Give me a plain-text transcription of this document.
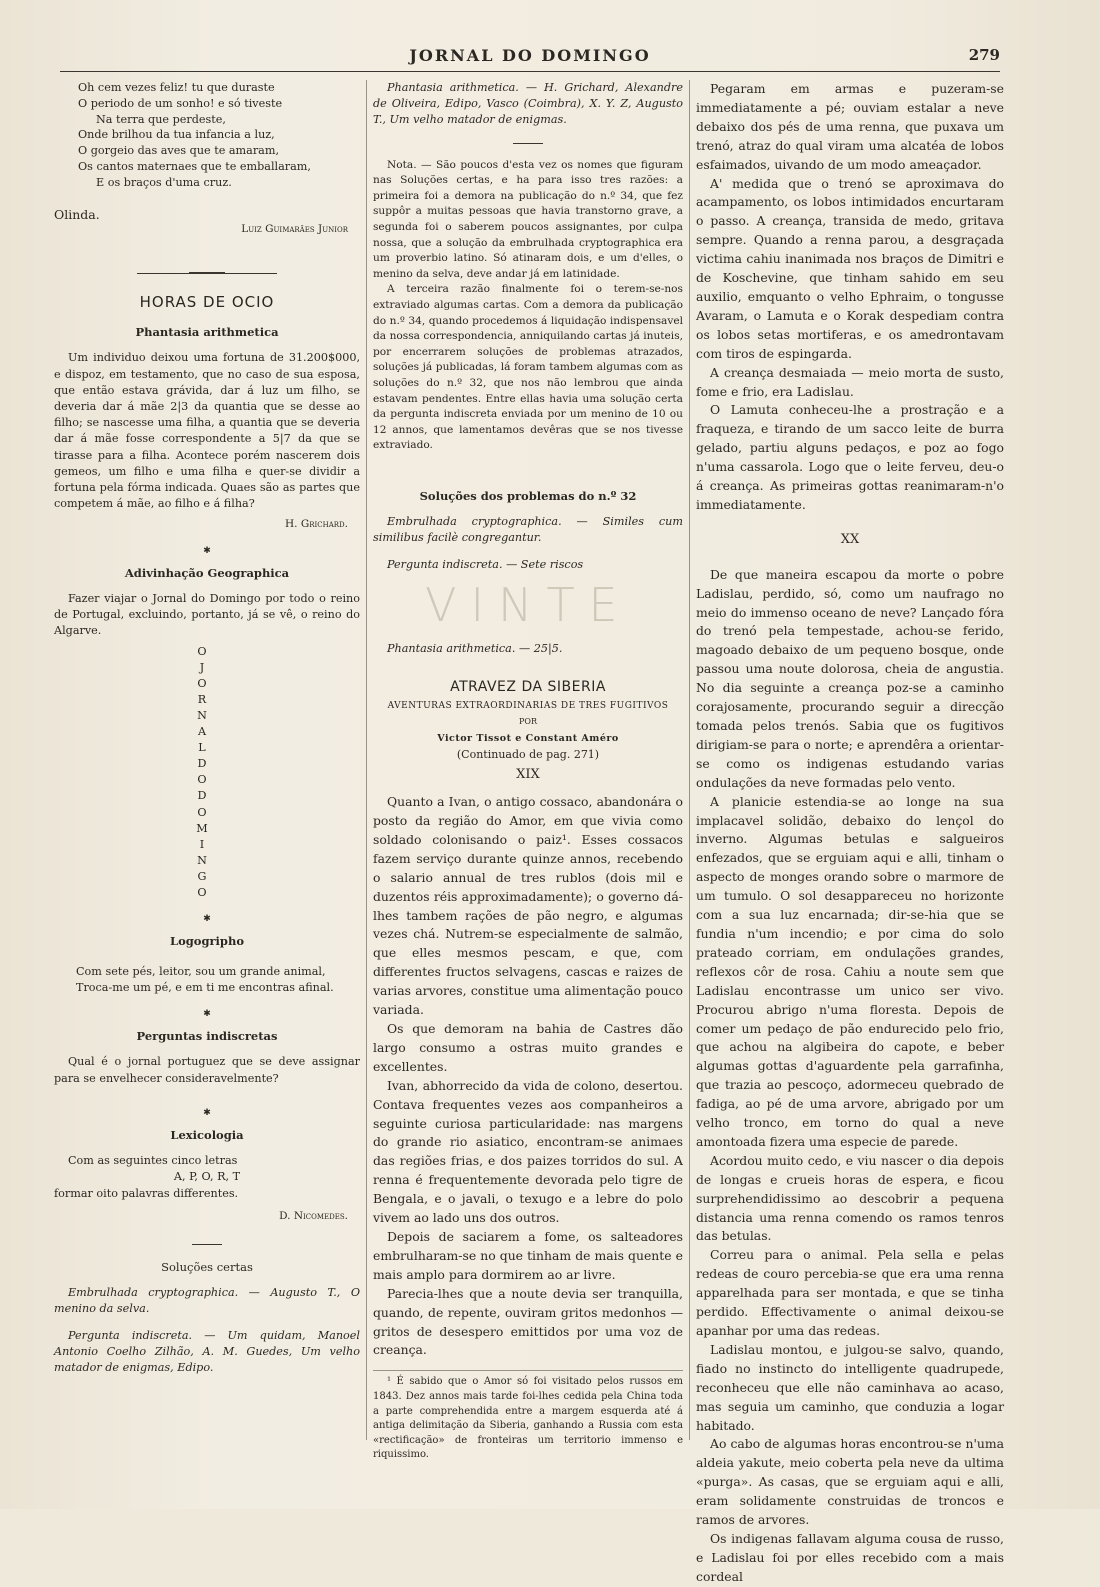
JORNAL DO DOMINGO	279
Oh cem vezes feliz! tu que duraste
O periodo de um sonho! e só tiveste
Na terra que perdeste,
Onde brilhou da tua infancia a luz,
O gorgeio das aves que te amaram,
Os cantos maternaes que te emballaram,
E os braços d'uma cruz.
Olinda.
Luiz Guimarães Junior
HORAS DE OCIO
Phantasia arithmetica
Um individuo deixou uma fortuna de 31.200$000, e dispoz, em testamento, que no caso de sua esposa, que então estava grávida, dar á luz um filho, se deveria dar á mãe 2|3 da quantia que se desse ao filho; se nascesse uma filha, a quantia que se deveria dar á mãe fosse correspondente a 5|7 da que se tirasse para a filha. Acontece porém nascerem dois gemeos, um filho e uma filha e quer-se dividir a fortuna pela fórma indicada. Quaes são as partes que competem á mãe, ao filho e á filha?
H. Grichard.
✱
Adivinhação Geographica
Fazer viajar o Jornal do Domingo por todo o reino de Portugal, excluindo, portanto, já se vê, o reino do Algarve.
O
J
O
R
N
A
L
D
O
D
O
M
I
N
G
O
✱
Logogripho
Com sete pés, leitor, sou um grande animal,
Troca-me um pé, e em ti me encontras afinal.
✱
Perguntas indiscretas
Qual é o jornal portuguez que se deve assignar para se envelhecer consideravelmente?
✱
Lexicologia
Com as seguintes cinco letras
A, P, O, R, T
formar oito palavras differentes.
D. Nicomedes.
Soluções certas
Embrulhada cryptographica. — Augusto T., O menino da selva.
Pergunta indiscreta. — Um quidam, Manoel Antonio Coelho Zilhão, A. M. Guedes, Um velho matador de enigmas, Edipo.
Phantasia arithmetica. — H. Grichard, Alexandre de Oliveira, Edipo, Vasco (Coimbra), X. Y. Z, Augusto T., Um velho matador de enigmas.
Nota. — São poucos d'esta vez os nomes que figuram nas Soluções certas, e ha para isso tres razões: a primeira foi a demora na publicação do n.º 34, que fez suppôr a muitas pessoas que havia transtorno grave, a segunda foi o saberem poucos assignantes, por culpa nossa, que a solução da embrulhada cryptographica era um proverbio latino. Só atinaram dois, e um d'elles, o menino da selva, deve andar já em latinidade.
A terceira razão finalmente foi o terem-se-nos extraviado algumas cartas. Com a demora da publicação do n.º 34, quando procedemos á liquidação indispensavel da nossa correspondencia, anniquilando cartas já inuteis, por encerrarem soluções de problemas atrazados, soluções já publicadas, lá foram tambem algumas com as soluções do n.º 32, que nos não lembrou que ainda estavam pendentes. Entre ellas havia uma solução certa da pergunta indiscreta enviada por um menino de 10 ou 12 annos, que lamentamos devêras que se nos tivesse extraviado.
Soluções dos problemas do n.º 32
Embrulhada cryptographica. — Similes cum similibus facilè congregantur.
Pergunta indiscreta. — Sete riscos
VINTE
Phantasia arithmetica. — 25|5.
ATRAVEZ DA SIBERIA
AVENTURAS EXTRAORDINARIAS DE TRES FUGITIVOS
POR
Victor Tissot e Constant Améro
(Continuado de pag. 271)
XIX
Quanto a Ivan, o antigo cossaco, abandonára o posto da região do Amor, em que vivia como soldado colonisando o paiz¹. Esses cossacos fazem serviço durante quinze annos, recebendo o salario annual de tres rublos (dois mil e duzentos réis approximadamente); o governo dá-lhes tambem rações de pão negro, e algumas vezes chá. Nutrem-se especialmente de salmão, que elles mesmos pescam, e que, com differentes fructos selvagens, cascas e raizes de varias arvores, constitue uma alimentação pouco variada.
Os que demoram na bahia de Castres dão largo consumo a ostras muito grandes e excellentes.
Ivan, abhorrecido da vida de colono, desertou. Contava frequentes vezes aos companheiros a seguinte curiosa particularidade: nas margens do grande rio asiatico, encontram-se animaes das regiões frias, e dos paizes torridos do sul. A renna é frequentemente devorada pelo tigre de Bengala, e o javali, o texugo e a lebre do polo vivem ao lado uns dos outros.
Depois de saciarem a fome, os salteadores embrulharam-se no que tinham de mais quente e mais amplo para dormirem ao ar livre.
Parecia-lhes que a noute devia ser tranquilla, quando, de repente, ouviram gritos medonhos — gritos de desespero emittidos por uma voz de creança.
¹ É sabido que o Amor só foi visitado pelos russos em 1843. Dez annos mais tarde foi-lhes cedida pela China toda a parte comprehendida entre a margem esquerda até á antiga delimitação da Siberia, ganhando a Russia com esta «rectificação» de fronteiras um territorio immenso e riquissimo.
Pegaram em armas e puzeram-se immediatamente a pé; ouviam estalar a neve debaixo dos pés de uma renna, que puxava um trenó, atraz do qual viram uma alcatéa de lobos esfaimados, uivando de um modo ameaçador.
A' medida que o trenó se aproximava do acampamento, os lobos intimidados encurtaram o passo. A creança, transida de medo, gritava sempre. Quando a renna parou, a desgraçada victima cahiu inanimada nos braços de Dimitri e de Koschevine, que tinham sahido em seu auxilio, emquanto o velho Ephraim, o tongusse Avaram, o Lamuta e o Korak despediam contra os lobos setas mortiferas, e os amedrontavam com tiros de espingarda.
A creança desmaiada — meio morta de susto, fome e frio, era Ladislau.
O Lamuta conheceu-lhe a prostração e a fraqueza, e tirando de um sacco leite de burra gelado, partiu alguns pedaços, e poz ao fogo n'uma cassarola. Logo que o leite ferveu, deu-o á creança. As primeiras gottas reanimaram-n'o immediatamente.
XX
De que maneira escapou da morte o pobre Ladislau, perdido, só, como um naufrago no meio do immenso oceano de neve? Lançado fóra do trenó pela tempestade, achou-se ferido, magoado debaixo de um pequeno bosque, onde passou uma noute dolorosa, cheia de angustia. No dia seguinte a creança poz-se a caminho corajosamente, procurando seguir a direcção tomada pelos trenós. Sabia que os fugitivos dirigiam-se para o norte; e aprendêra a orientar-se como os indigenas estudando varias ondulações da neve formadas pelo vento.
A planicie estendia-se ao longe na sua implacavel solidão, debaixo do lençol do inverno. Algumas betulas e salgueiros enfezados, que se erguiam aqui e alli, tinham o aspecto de monges orando sobre o marmore de um tumulo. O sol desappareceu no horizonte com a sua luz encarnada; dir-se-hia que se fundia n'um incendio; e por cima do solo prateado corriam, em ondulações grandes, reflexos côr de rosa. Cahiu a noute sem que Ladislau encontrasse um unico ser vivo. Procurou abrigo n'uma floresta. Depois de comer um pedaço de pão endurecido pelo frio, que achou na algibeira do capote, e beber algumas gottas d'aguardente pela garrafinha, que trazia ao pescoço, adormeceu quebrado de fadiga, ao pé de uma arvore, abrigado por um velho tronco, em torno do qual a neve amontoada fizera uma especie de parede.
Acordou muito cedo, e viu nascer o dia depois de longas e crueis horas de espera, e ficou surprehendidissimo ao descobrir a pequena distancia uma renna comendo os ramos tenros das betulas.
Correu para o animal. Pela sella e pelas redeas de couro percebia-se que era uma renna apparelhada para ser montada, e que se tinha perdido. Effectivamente o animal deixou-se apanhar por uma das redeas.
Ladislau montou, e julgou-se salvo, quando, fiado no instincto do intelligente quadrupede, reconheceu que elle não caminhava ao acaso, mas seguia um caminho, que conduzia a logar habitado.
Ao cabo de algumas horas encontrou-se n'uma aldeia yakute, meio coberta pela neve da ultima «purga». As casas, que se erguiam aqui e alli, eram solidamente construidas de troncos e ramos de arvores.
Os indigenas fallavam alguma cousa de russo, e Ladislau foi por elles recebido com a mais cordeal
